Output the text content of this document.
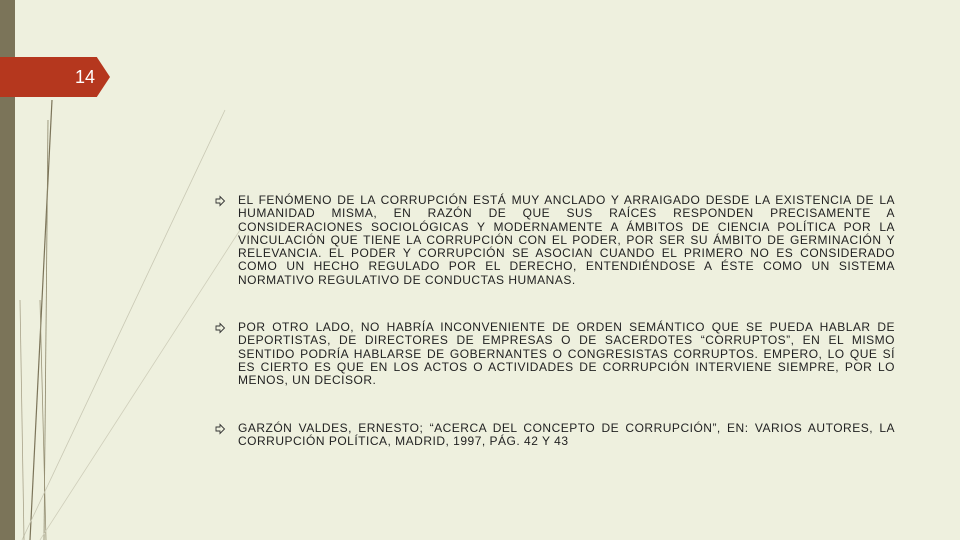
14
EL FENÓMENO DE LA CORRUPCIÓN ESTÁ MUY ANCLADO Y ARRAIGADO DESDE LA EXISTENCIA DE LA HUMANIDAD MISMA, EN RAZÓN DE QUE SUS RAÍCES RESPONDEN PRECISAMENTE A CONSIDERACIONES SOCIOLÓGICAS Y MODERNAMENTE A ÁMBITOS DE CIENCIA POLÍTICA POR LA VINCULACIÓN QUE TIENE LA CORRUPCIÓN CON EL PODER, POR SER SU ÁMBITO DE GERMINACIÓN Y RELEVANCIA. EL PODER Y CORRUPCIÓN SE ASOCIAN CUANDO EL PRIMERO NO ES CONSIDERADO COMO UN HECHO REGULADO POR EL DERECHO, ENTENDIÉNDOSE A ÉSTE COMO UN SISTEMA NORMATIVO REGULATIVO DE CONDUCTAS HUMANAS.
POR OTRO LADO, NO HABRÍA INCONVENIENTE DE ORDEN SEMÁNTICO QUE SE PUEDA HABLAR DE DEPORTISTAS, DE DIRECTORES DE EMPRESAS O DE SACERDOTES “CORRUPTOS”, EN EL MISMO SENTIDO PODRÍA HABLARSE DE GOBERNANTES O CONGRESISTAS CORRUPTOS. EMPERO, LO QUE SÍ ES CIERTO ES QUE EN LOS ACTOS O ACTIVIDADES DE CORRUPCIÓN INTERVIENE SIEMPRE, POR LO MENOS, UN DECISOR.
GARZÓN VALDES, ERNESTO; “ACERCA DEL CONCEPTO DE CORRUPCIÓN”, EN: VARIOS AUTORES, LA CORRUPCIÓN POLÍTICA, MADRID, 1997, PÁG. 42 Y 43
